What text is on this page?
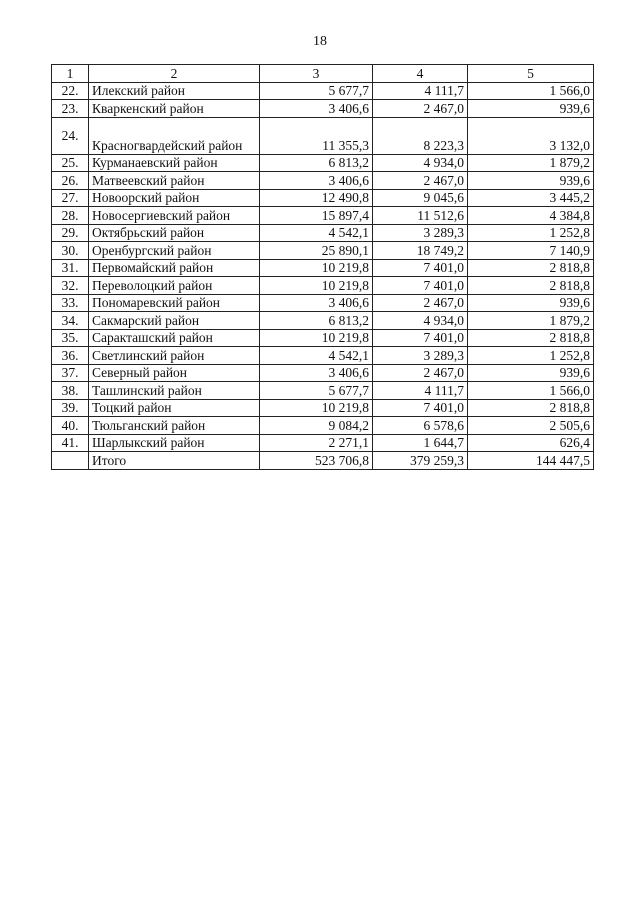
18
1	2	3	4	5
22.	Илекский район	5 677,7	4 111,7	1 566,0
23.	Кваркенский район	3 406,6	2 467,0	939,6
24.	Красногвардейский район	11 355,3	8 223,3	3 132,0
25.	Курманаевский район	6 813,2	4 934,0	1 879,2
26.	Матвеевский район	3 406,6	2 467,0	939,6
27.	Новоорский район	12 490,8	9 045,6	3 445,2
28.	Новосергиевский район	15 897,4	11 512,6	4 384,8
29.	Октябрьский район	4 542,1	3 289,3	1 252,8
30.	Оренбургский район	25 890,1	18 749,2	7 140,9
31.	Первомайский район	10 219,8	7 401,0	2 818,8
32.	Переволоцкий район	10 219,8	7 401,0	2 818,8
33.	Пономаревский район	3 406,6	2 467,0	939,6
34.	Сакмарский район	6 813,2	4 934,0	1 879,2
35.	Саракташский район	10 219,8	7 401,0	2 818,8
36.	Светлинский район	4 542,1	3 289,3	1 252,8
37.	Северный район	3 406,6	2 467,0	939,6
38.	Ташлинский район	5 677,7	4 111,7	1 566,0
39.	Тоцкий район	10 219,8	7 401,0	2 818,8
40.	Тюльганский район	9 084,2	6 578,6	2 505,6
41.	Шарлыкский район	2 271,1	1 644,7	626,4
	Итого	523 706,8	379 259,3	144 447,5
